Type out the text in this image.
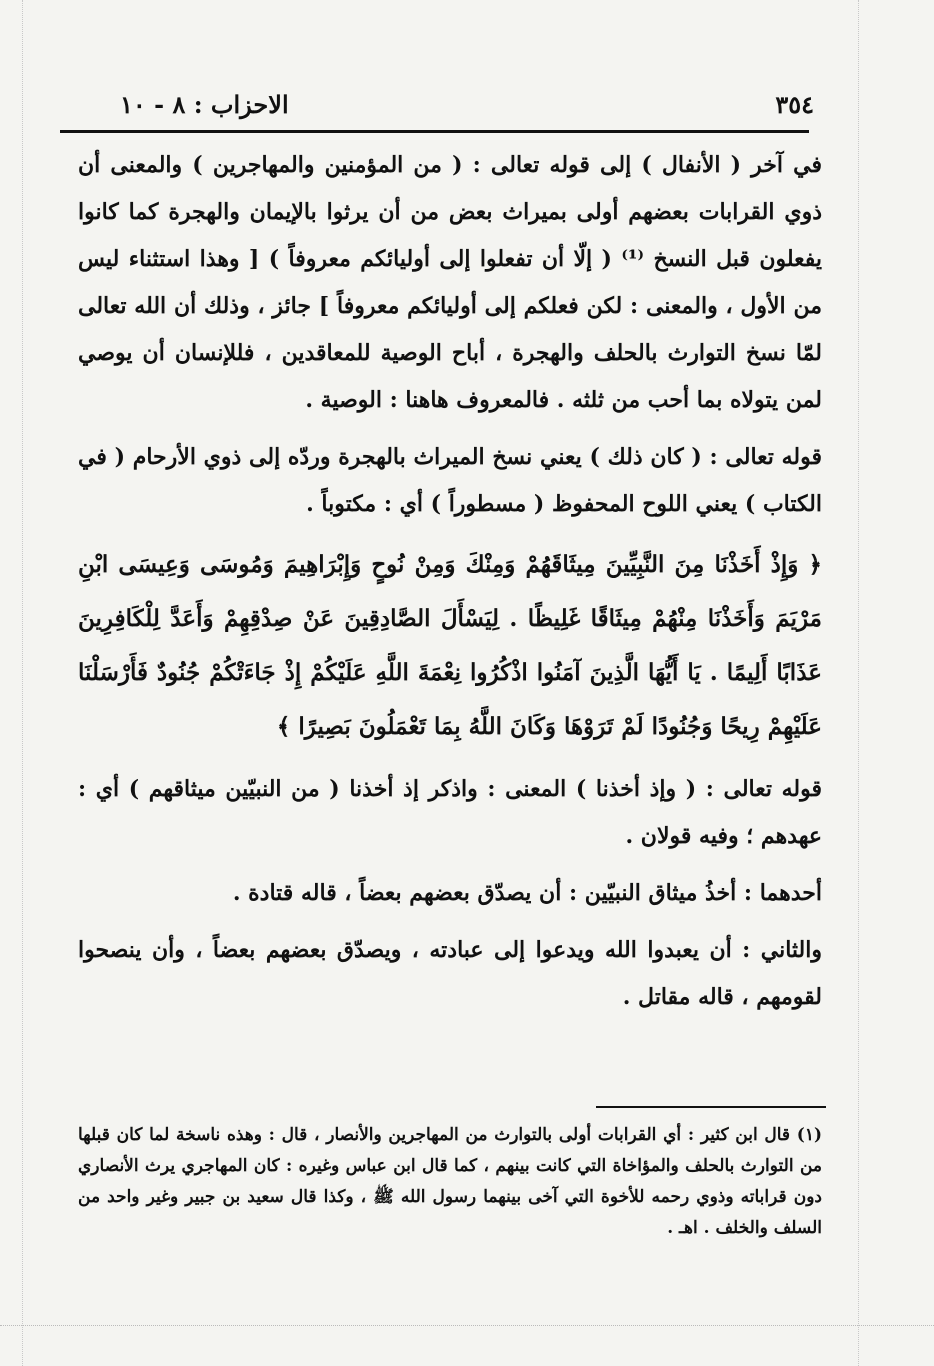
٣٥٤
الاحزاب : ٨ - ١٠

في آخر ( الأنفال ) إلى قوله تعالى : ( من المؤمنين والمهاجرين ) والمعنى أن ذوي القرابات بعضهم أولى بميراث بعض من أن يرثوا بالإيمان والهجرة كما كانوا يفعلون قبل النسخ ⁽¹⁾ ( إلّا أن تفعلوا إلى أوليائكم معروفاً ) [ وهذا استثناء ليس من الأول ، والمعنى : لكن فعلكم إلى أوليائكم معروفاً ] جائز ، وذلك أن الله تعالى لمّا نسخ التوارث بالحلف والهجرة ، أباح الوصية للمعاقدين ، فللإنسان أن يوصي لمن يتولاه بما أحب من ثلثه . فالمعروف هاهنا : الوصية .

قوله تعالى : ( كان ذلك ) يعني نسخ الميراث بالهجرة وردّه إلى ذوي الأرحام ( في الكتاب ) يعني اللوح المحفوظ ( مسطوراً ) أي : مكتوباً .

﴿ وَإِذْ أَخَذْنَا مِنَ النَّبِيِّينَ مِيثَاقَهُمْ وَمِنْكَ وَمِنْ نُوحٍ وَإِبْرَاهِيمَ وَمُوسَى وَعِيسَى ابْنِ مَرْيَمَ وَأَخَذْنَا مِنْهُمْ مِيثَاقًا غَلِيظًا . لِيَسْأَلَ الصَّادِقِينَ عَنْ صِدْقِهِمْ وَأَعَدَّ لِلْكَافِرِينَ عَذَابًا أَلِيمًا . يَا أَيُّهَا الَّذِينَ آمَنُوا اذْكُرُوا نِعْمَةَ اللَّهِ عَلَيْكُمْ إِذْ جَاءَتْكُمْ جُنُودٌ فَأَرْسَلْنَا عَلَيْهِمْ رِيحًا وَجُنُودًا لَمْ تَرَوْهَا وَكَانَ اللَّهُ بِمَا تَعْمَلُونَ بَصِيرًا ﴾

قوله تعالى : ( وإذ أخذنا ) المعنى : واذكر إذ أخذنا ( من النبيّين ميثاقهم ) أي : عهدهم ؛ وفيه قولان .

أحدهما : أخذُ ميثاق النبيّين : أن يصدّق بعضهم بعضاً ، قاله قتادة .

والثاني : أن يعبدوا الله ويدعوا إلى عبادته ، ويصدّق بعضهم بعضاً ، وأن ينصحوا لقومهم ، قاله مقاتل .

(١) قال ابن كثير : أي القرابات أولى بالتوارث من المهاجرين والأنصار ، قال : وهذه ناسخة لما كان قبلها من التوارث بالحلف والمؤاخاة التي كانت بينهم ، كما قال ابن عباس وغيره : كان المهاجري يرث الأنصاري دون قراباته وذوي رحمه للأخوة التي آخى بينهما رسول الله ﷺ ، وكذا قال سعيد بن جبير وغير واحد من السلف والخلف . اهـ .
